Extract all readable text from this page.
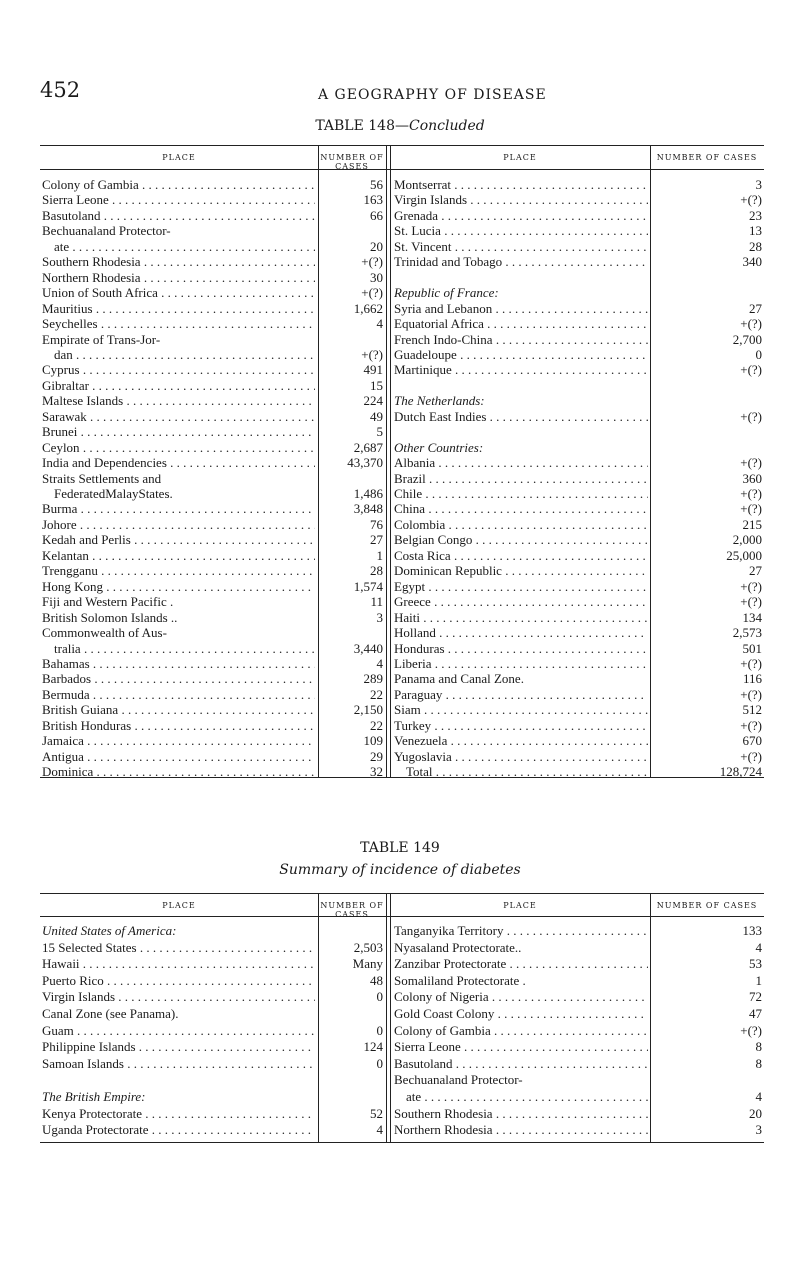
452	A GEOGRAPHY OF DISEASE
TABLE 148—Concluded
PLACE	NUMBER OF CASES
PLACE	NUMBER OF CASES
Colony of Gambia . . .	56
Sierra Leone . . .	163
Basutoland . . .	66
Bechuanaland Protector-
ate . . .	20
Southern Rhodesia . . .	+(?)
Northern Rhodesia . . .	30
Union of South Africa . . .	+(?)
Mauritius . . .	1,662
Seychelles . . .	4
Empirate of Trans-Jor-
dan . . .	+(?)
Cyprus . . .	491
Gibraltar . . .	15
Maltese Islands . . .	224
Sarawak . . .	49
Brunei . . .	5
Ceylon . . .	2,687
India and Dependencies . . .	43,370
Straits Settlements and
FederatedMalayStates.	1,486
Burma . . .	3,848
Johore . . .	76
Kedah and Perlis . . .	27
Kelantan . . .	1
Trengganu . . .	28
Hong Kong . . .	1,574
Fiji and Western Pacific .	11
British Solomon Islands ..	3
Commonwealth of Aus-
tralia . . .	3,440
Bahamas . . .	4
Barbados . . .	289
Bermuda . . .	22
British Guiana . . .	2,150
British Honduras . . .	22
Jamaica . . .	109
Antigua . . .	29
Dominica . . .	32
Montserrat . . .	3
Virgin Islands . . .	+(?)
Grenada . . .	23
St. Lucia . . .	13
St. Vincent . . .	28
Trinidad and Tobago . . .	340
Republic of France:
Syria and Lebanon . . .	27
Equatorial Africa . . .	+(?)
French Indo-China . . .	2,700
Guadeloupe . . .	0
Martinique . . .	+(?)
The Netherlands:
Dutch East Indies . . .	+(?)
Other Countries:
Albania . . .	+(?)
Brazil . . .	360
Chile . . .	+(?)
China . . .	+(?)
Colombia . . .	215
Belgian Congo . . .	2,000
Costa Rica . . .	25,000
Dominican Republic . . .	27
Egypt . . .	+(?)
Greece . . .	+(?)
Haiti . . .	134
Holland . . .	2,573
Honduras . . .	501
Liberia . . .	+(?)
Panama and Canal Zone.	116
Paraguay . . .	+(?)
Siam . . .	512
Turkey . . .	+(?)
Venezuela . . .	670
Yugoslavia . . .	+(?)
Total . . .	128,724
TABLE 149
Summary of incidence of diabetes
PLACE	NUMBER OF CASES
PLACE	NUMBER OF CASES
United States of America:
15 Selected States . . .	2,503
Hawaii . . .	Many
Puerto Rico . . .	48
Virgin Islands . . .	0
Canal Zone (see Panama).
Guam . . .	0
Philippine Islands . . .	124
Samoan Islands . . .	0
The British Empire:
Kenya Protectorate . . .	52
Uganda Protectorate . . .	4
Tanganyika Territory . . .	133
Nyasaland Protectorate..	4
Zanzibar Protectorate . . .	53
Somaliland Protectorate .	1
Colony of Nigeria . . .	72
Gold Coast Colony . . .	47
Colony of Gambia . . .	+(?)
Sierra Leone . . .	8
Basutoland . . .	8
Bechuanaland Protector-
ate . . .	4
Southern Rhodesia . . .	20
Northern Rhodesia . . .	3
